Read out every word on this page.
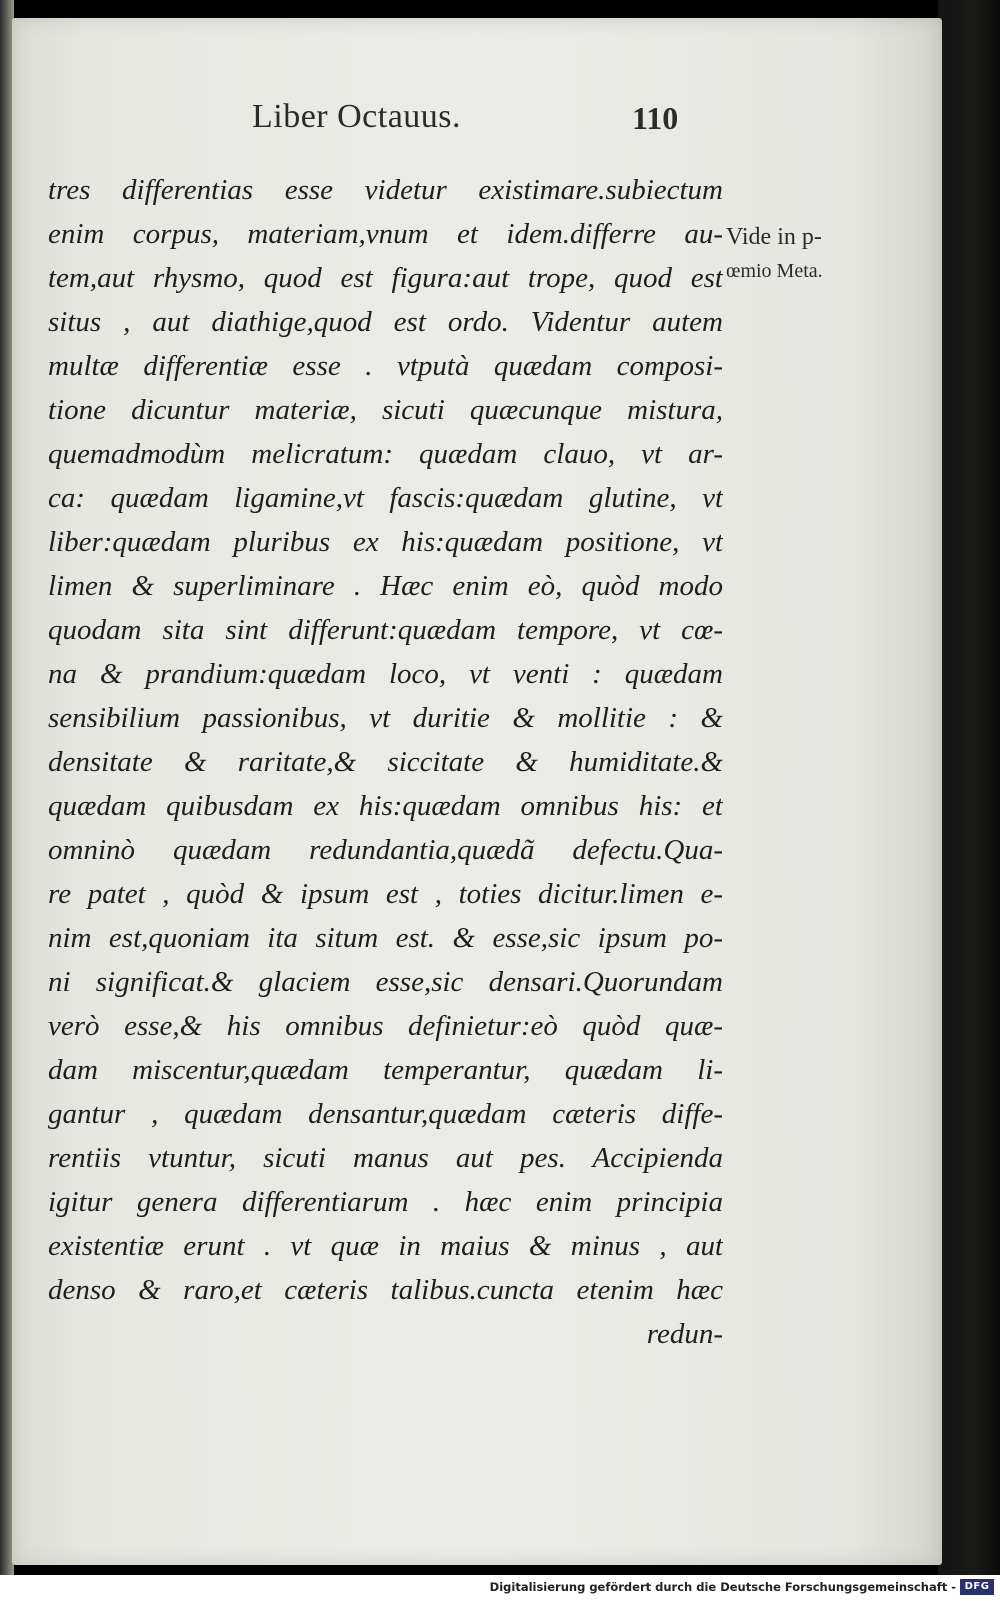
Liber Octauus.	110
tres differentias esse videtur existimare.subiectum
enim corpus, materiam,vnum et idem.differre au-
tem,aut rhysmo, quod est figura:aut trope, quod est
situs , aut diathige,quod est ordo. Videntur autem
multæ differentiæ esse . vtputà quædam composi-
tione dicuntur materiæ, sicuti quæcunque mistura,
quemadmodùm melicratum: quædam clauo, vt ar-
ca: quædam ligamine,vt fascis:quædam glutine, vt
liber:quædam pluribus ex his:quædam positione, vt
limen & superliminare . Hæc enim eò, quòd modo
quodam sita sint differunt:quædam tempore, vt cœ-
na & prandium:quædam loco, vt venti : quædam
sensibilium passionibus, vt duritie & mollitie : &
densitate & raritate,& siccitate & humiditate.&
quædam quibusdam ex his:quædam omnibus his: et
omninò quædam redundantia,quædã defectu.Qua-
re patet , quòd & ipsum est , toties dicitur.limen e-
nim est,quoniam ita situm est. & esse,sic ipsum po-
ni significat.& glaciem esse,sic densari.Quorundam
verò esse,& his omnibus definietur:eò quòd quæ-
dam miscentur,quædam temperantur, quædam li-
gantur , quædam densantur,quædam cæteris diffe-
rentiis vtuntur, sicuti manus aut pes. Accipienda
igitur genera differentiarum . hæc enim principia
existentiæ erunt . vt quæ in maius & minus , aut
denso & raro,et cæteris talibus.cuncta etenim hæc
redun-
Vide in p-
œmio Meta.
Digitalisierung gefördert durch die Deutsche Forschungsgemeinschaft - DFG
